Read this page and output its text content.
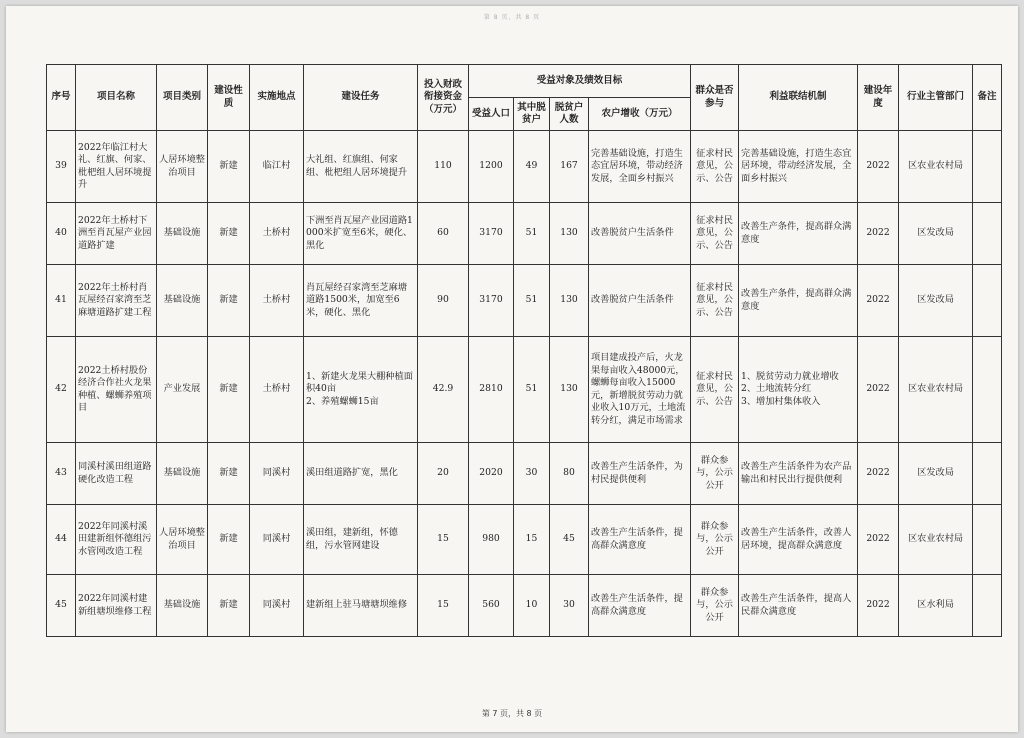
第 8 页，共 8 页
序号	项目名称	项目类别	建设性质	实施地点	建设任务	投入财政衔接资金（万元）	受益对象及绩效目标				群众是否参与	利益联结机制	建设年度	行业主管部门	备注
							受益人口	其中脱贫户	脱贫户人数	农户增收（万元）					
39	2022年临江村大礼、红旗、何家、枇杷组人居环境提升	人居环境整治项目	新建	临江村	大礼组、红旗组、何家组、枇杷组人居环境提升	110	1200	49	167	完善基础设施，打造生态宜居环境，带动经济发展，全面乡村振兴	征求村民意见，公示、公告	完善基础设施，打造生态宜居环境，带动经济发展，全面乡村振兴	2022	区农业农村局	
40	2022年土桥村下洲至肖瓦屋产业园道路扩建	基础设施	新建	土桥村	下洲至肖瓦屋产业园道路1000米扩宽至6米，硬化、黑化	60	3170	51	130	改善脱贫户生活条件	征求村民意见，公示、公告	改善生产条件，提高群众满意度	2022	区发改局	
41	2022年土桥村肖瓦屋经召家湾至芝麻塘道路扩建工程	基础设施	新建	土桥村	肖瓦屋经召家湾至芝麻塘道路1500米，加宽至6米，硬化、黑化	90	3170	51	130	改善脱贫户生活条件	征求村民意见，公示、公告	改善生产条件，提高群众满意度	2022	区发改局	
42	2022土桥村股份经济合作社火龙果种植、螺蛳养殖项目	产业发展	新建	土桥村	1、新建火龙果大棚种植面积40亩
2、养殖螺蛳15亩	42.9	2810	51	130	项目建成投产后，火龙果每亩收入48000元，螺蛳每亩收入15000元，新增脱贫劳动力就业收入10万元，土地流转分红，满足市场需求	征求村民意见，公示、公告	1、脱贫劳动力就业增收
2、土地流转分红
3、增加村集体收入	2022	区农业农村局	
43	同溪村溪田组道路硬化改造工程	基础设施	新建	同溪村	溪田组道路扩宽，黑化	20	2020	30	80	改善生产生活条件，为村民提供便利	群众参与，公示公开	改善生产生活条件为农产品输出和村民出行提供便利	2022	区发改局	
44	2022年同溪村溪田建新组怀德组污水管网改造工程	人居环境整治项目	新建	同溪村	溪田组，建新组，怀德组，污水管网建设	15	980	15	45	改善生产生活条件，提高群众满意度	群众参与，公示公开	改善生产生活条件，改善人居环境，提高群众满意度	2022	区农业农村局	
45	2022年同溪村建新组塘坝维修工程	基础设施	新建	同溪村	建新组上驻马塘塘坝维修	15	560	10	30	改善生产生活条件，提高群众满意度	群众参与，公示公开	改善生产生活条件，提高人民群众满意度	2022	区水利局	
第 7 页，共 8 页
